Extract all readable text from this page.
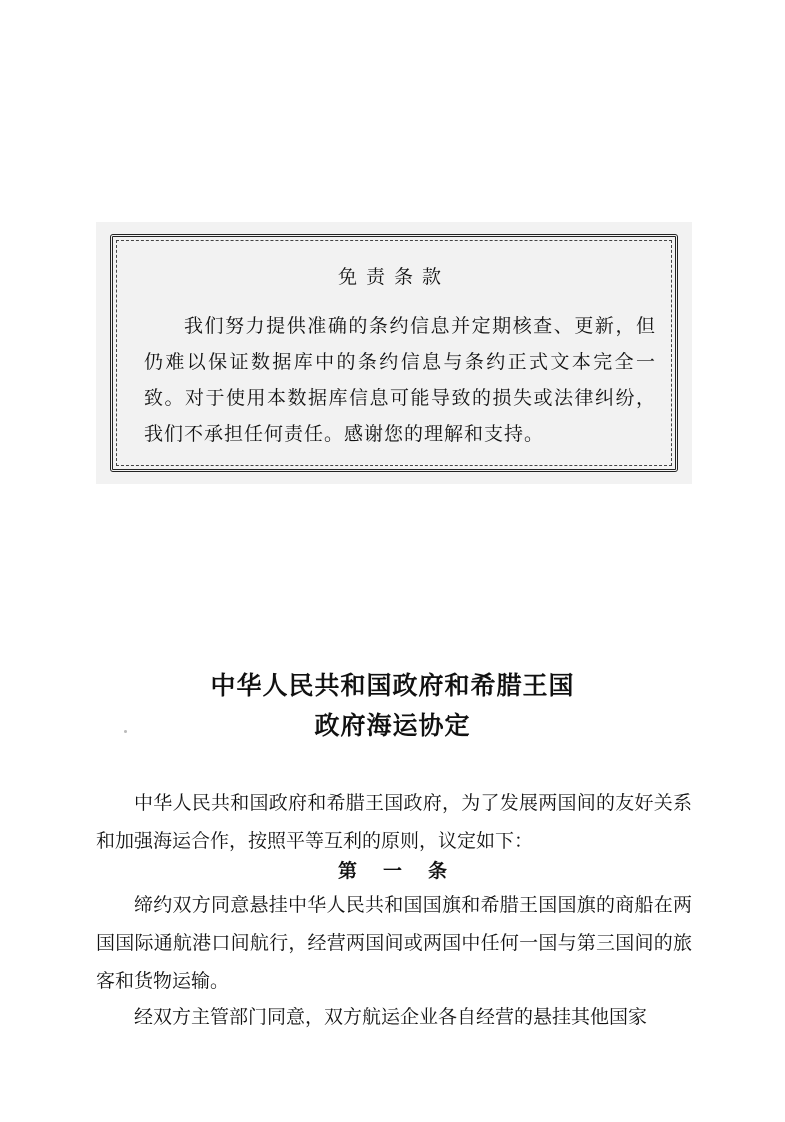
免责条款
我们努力提供准确的条约信息并定期核查、更新，但仍难以保证数据库中的条约信息与条约正式文本完全一致。对于使用本数据库信息可能导致的损失或法律纠纷，我们不承担任何责任。感谢您的理解和支持。
中华人民共和国政府和希腊王国
政府海运协定
中华人民共和国政府和希腊王国政府，为了发展两国间的友好关系和加强海运合作，按照平等互利的原则，议定如下：
第一条
缔约双方同意悬挂中华人民共和国国旗和希腊王国国旗的商船在两国国际通航港口间航行，经营两国间或两国中任何一国与第三国间的旅客和货物运输。
经双方主管部门同意，双方航运企业各自经营的悬挂其他国家
